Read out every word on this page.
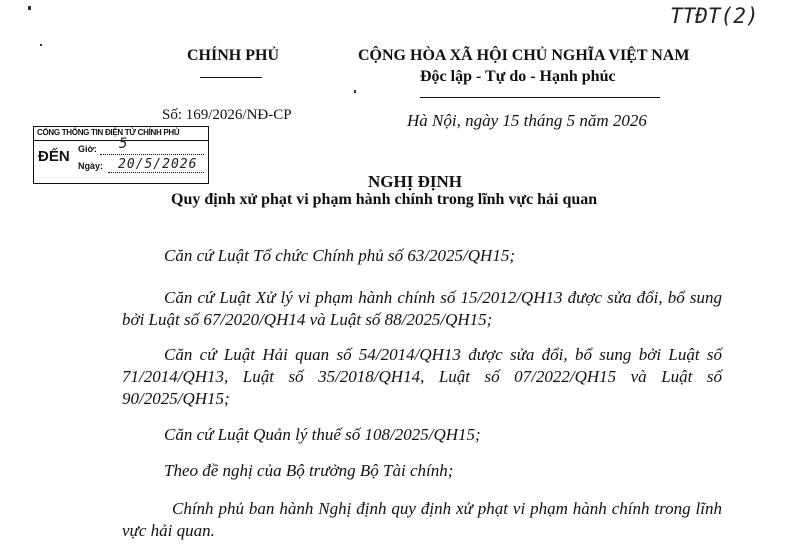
TTĐT(2)
CHÍNH PHỦ	CỘNG HÒA XÃ HỘI CHỦ NGHĨA VIỆT NAM
Độc lập - Tự do - Hạnh phúc
Số: 169/2026/NĐ-CP	Hà Nội, ngày 15 tháng 5 năm 2026
CỔNG THÔNG TIN ĐIỆN TỬ CHÍNH PHỦ
ĐẾN Giờ: 5
Ngày: 20/5/2026
NGHỊ ĐỊNH
Quy định xử phạt vi phạm hành chính trong lĩnh vực hải quan

Căn cứ Luật Tổ chức Chính phủ số 63/2025/QH15;

Căn cứ Luật Xử lý vi phạm hành chính số 15/2012/QH13 được sửa đổi, bổ sung bởi Luật số 67/2020/QH14 và Luật số 88/2025/QH15;

Căn cứ Luật Hải quan số 54/2014/QH13 được sửa đổi, bổ sung bởi Luật số 71/2014/QH13, Luật số 35/2018/QH14, Luật số 07/2022/QH15 và Luật số 90/2025/QH15;

Căn cứ Luật Quản lý thuế số 108/2025/QH15;

Theo đề nghị của Bộ trưởng Bộ Tài chính;

Chính phủ ban hành Nghị định quy định xử phạt vi phạm hành chính trong lĩnh vực hải quan.
